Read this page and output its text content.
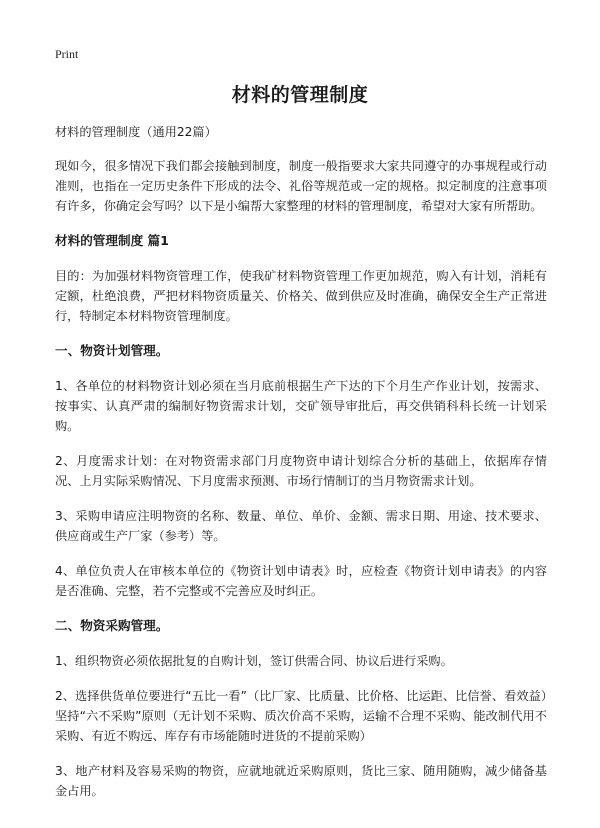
Print
材料的管理制度

材料的管理制度（通用22篇）

现如今，很多情况下我们都会接触到制度，制度一般指要求大家共同遵守的办事规程或行动准则，也指在一定历史条件下形成的法令、礼俗等规范或一定的规格。拟定制度的注意事项有许多，你确定会写吗？以下是小编帮大家整理的材料的管理制度，希望对大家有所帮助。

材料的管理制度 篇1

目的：为加强材料物资管理工作，使我矿材料物资管理工作更加规范，购入有计划，消耗有定额，杜绝浪费，严把材料物资质量关、价格关、做到供应及时准确，确保安全生产正常进行，特制定本材料物资管理制度。

一、物资计划管理。

1、各单位的材料物资计划必须在当月底前根据生产下达的下个月生产作业计划，按需求、按事实、认真严肃的编制好物资需求计划，交矿领导审批后，再交供销科科长统一计划采购。

2、月度需求计划：在对物资需求部门月度物资申请计划综合分析的基础上，依据库存情况、上月实际采购情况、下月度需求预测、市场行情制订的当月物资需求计划。

3、采购申请应注明物资的名称、数量、单位、单价、金额、需求日期、用途、技术要求、供应商或生产厂家（参考）等。

4、单位负责人在审核本单位的《物资计划申请表》时，应检查《物资计划申请表》的内容是否准确、完整，若不完整或不完善应及时纠正。

二、物资采购管理。

1、组织物资必须依据批复的自购计划，签订供需合同、协议后进行采购。

2、选择供货单位要进行“五比一看”（比厂家、比质量、比价格、比运距、比信誉、看效益）坚持“六不采购”原则（无计划不采购、质次价高不采购，运输不合理不采购、能改制代用不采购、有近不购远、库存有市场能随时进货的不提前采购）

3、地产材料及容易采购的物资，应就地就近采购原则，货比三家、随用随购，减少储备基金占用。
